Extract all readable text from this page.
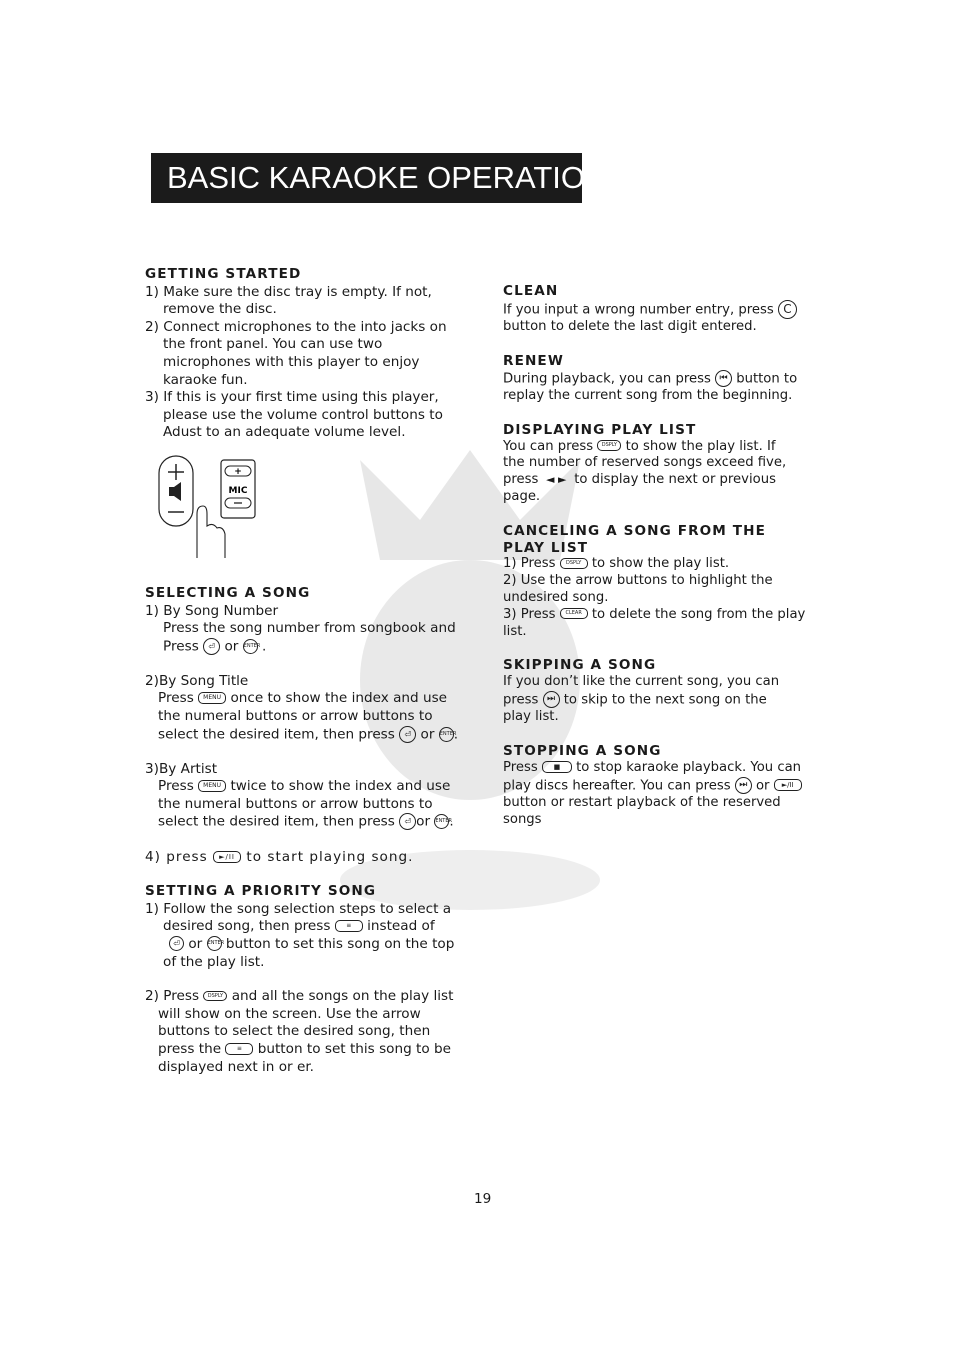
BASIC KARAOKE OPERATION
GETTING STARTED
1) Make sure the disc tray is empty. If not,
remove the disc.
2) Connect microphones to the into jacks on
the front panel. You can use two
microphones with this player to enjoy
karaoke fun.
3) If this is your first time using this player,
please use the volume control buttons to
Adust to an adequate volume level.
+
MIC
SELECTING A SONG
1) By Song Number
Press the song number from songbook and
Press ⏎ or ENTER .
2)By Song Title
Press MENU once to show the index and use
the numeral buttons or arrow buttons to
select the desired item, then press ⏎ or ENTER.
3)By Artist
Press MENU twice to show the index and use
the numeral buttons or arrow buttons to
select the desired item, then press ⏎ or ENTER.
4) press ►/II to start playing song.
SETTING A PRIORITY SONG
1) Follow the song selection steps to select a
desired song, then press	≡ instead of
⏎ or ENTER button to set this song on the top
of the play list.
2) Press DSPLY and all the songs on the play list
will show on the screen. Use the arrow
buttons to select the desired song, then
press the	≡ button to set this song to be
displayed next in or er.
CLEAN
If you input a wrong number entry, press C
button to delete the last digit entered.
RENEW
During playback, you can press ⏮ button to
replay the current song from the beginning.
DISPLAYING PLAY LIST
You can press DSPLY to show the play list. If
the number of reserved songs exceed five,
press  ◄ ►  to display the next or previous
page.
CANCELING A SONG FROM THE
PLAY LIST
1) Press DSPLY to show the play list.
2) Use the arrow buttons to highlight the
undesired song.
3) Press CLEAR to delete the song from the play
list.
SKIPPING A SONG
If you don’t like the current song, you can
press ⏭ to skip to the next song on the
play list.
STOPPING A SONG
Press ■ to stop karaoke playback. You can
play discs hereafter. You can press ⏭ or ►/II
button or restart playback of the reserved
songs
19
